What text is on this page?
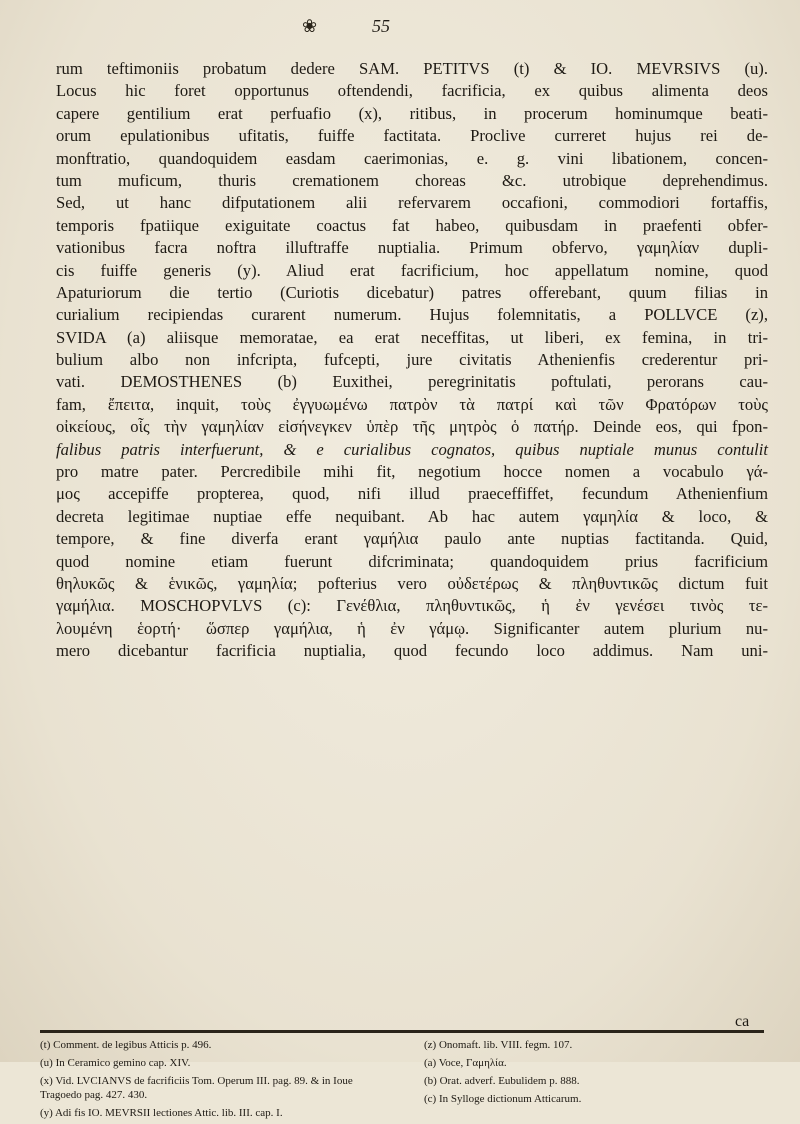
❀	55
rum teftimoniis probatum dedere SAM. PETITVS (t) & IO. MEVRSIVS (u).
Locus hic foret opportunus oftendendi, facrificia, ex quibus alimenta deos
capere gentilium erat perfuafio (x), ritibus, in procerum hominumque beati-
orum epulationibus ufitatis, fuiffe factitata. Proclive curreret hujus rei de-
monftratio, quandoquidem easdam caerimonias, e. g. vini libationem, concen-
tum muficum, thuris cremationem choreas &c. utrobique deprehendimus.
Sed, ut hanc difputationem alii refervarem occafioni, commodiori fortaffis,
temporis fpatiique exiguitate coactus fat habeo, quibusdam in praefenti obfer-
vationibus facra noftra illuftraffe nuptialia. Primum obfervo, γαμηλίαν dupli-
cis fuiffe generis (y). Aliud erat facrificium, hoc appellatum nomine, quod
Apaturiorum die tertio (Curiotis dicebatur) patres offerebant, quum filias in
curialium recipiendas curarent numerum. Hujus folemnitatis, a POLLVCE (z),
SVIDA (a) aliisque memoratae, ea erat neceffitas, ut liberi, ex femina, in tri-
bulium albo non infcripta, fufcepti, jure civitatis Athenienfis crederentur pri-
vati. DEMOSTHENES (b) Euxithei, peregrinitatis poftulati, perorans cau-
fam, ἔπειτα, inquit, τοὺς ἐγγυωμένω πατρὸν τὰ πατρί καὶ τῶν Φρατόρων τοὺς
οἰκείους, οἷς τὴν γαμηλίαν εἰσήνεγκεν ὑπὲρ τῆς μητρὸς ὁ πατήρ. Deinde eos, qui fpon-
falibus patris interfuerunt, & e curialibus cognatos, quibus nuptiale munus contulit
pro matre pater. Percredibile mihi fit, negotium hocce nomen a vocabulo γά-
μος accepiffe propterea, quod, nifi illud praeceffiffet, fecundum Athenienfium
decreta legitimae nuptiae effe nequibant. Ab hac autem γαμηλία & loco, &
tempore, & fine diverfa erant γαμήλια paulo ante nuptias factitanda. Quid,
quod nomine etiam fuerunt difcriminata; quandoquidem prius facrificium
θηλυκῶς & ἑνικῶς, γαμηλία; pofterius vero οὐδετέρως & πληθυντικῶς dictum fuit
γαμήλια. MOSCHOPVLVS (c): Γενέθλια, πληθυντικῶς, ἡ ἐν γενέσει τινὸς τε-
λουμένη ἑορτή· ὥσπερ γαμήλια, ἡ ἐν γάμῳ. Significanter autem plurium nu-
mero dicebantur facrificia nuptialia, quod fecundo loco addimus. Nam uni-
ca

(t) Comment. de legibus Atticis p. 496.

(u) In Ceramico gemino cap. XIV.

(x) Vid. LVCIANVS de facrificiis Tom. Operum III. pag. 89. & in Ioue Tragoedo pag. 427. 430.

(y) Adi fis IO. MEVRSII lectiones Attic. lib. III. cap. I.

(z) Onomaft. lib. VIII. fegm. 107.

(a) Voce, Γαμηλία.

(b) Orat. adverf. Eubulidem p. 888.

(c) In Sylloge dictionum Atticarum.
